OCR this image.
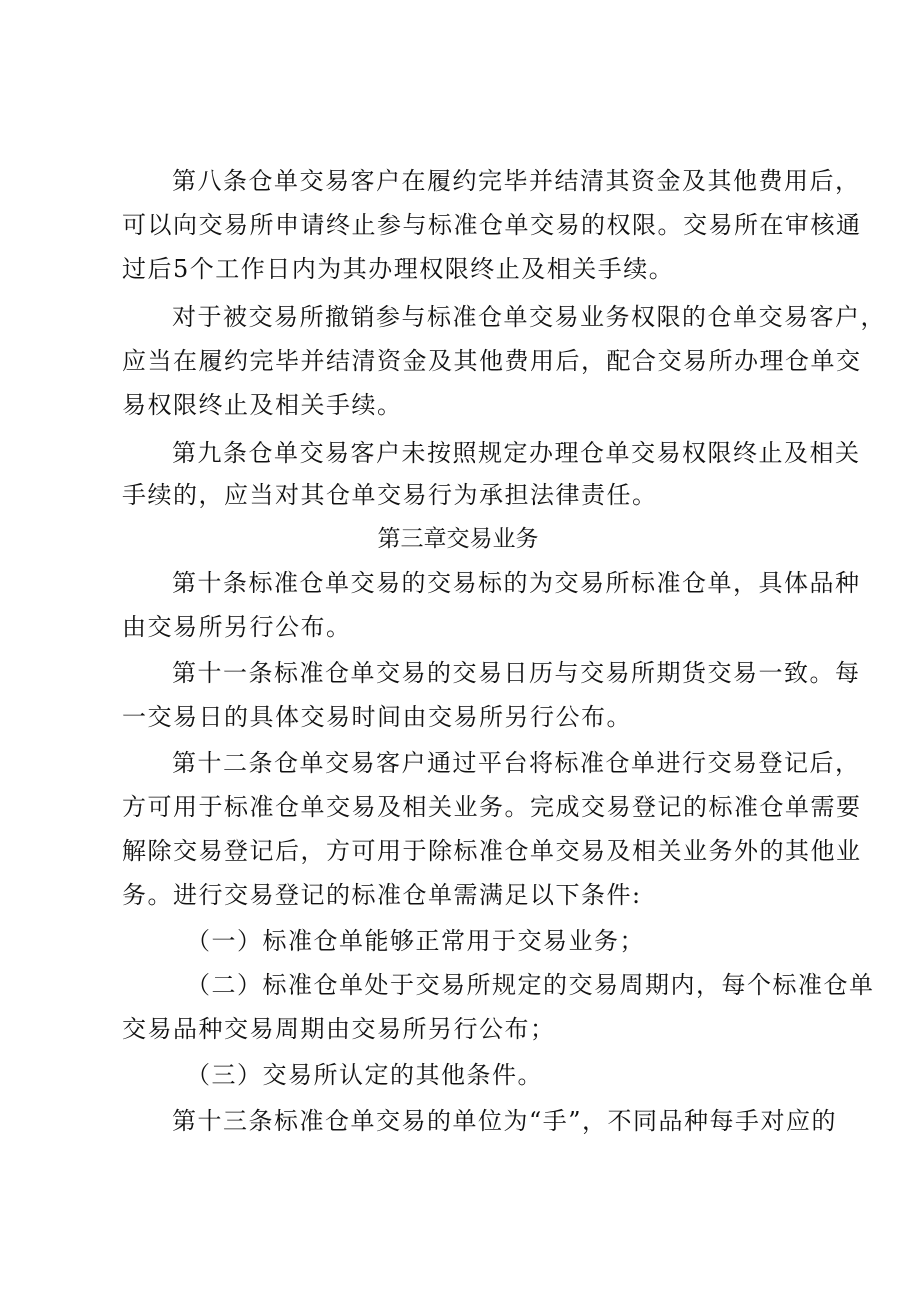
第八条仓单交易客户在履约完毕并结清其资金及其他费用后，
可以向交易所申请终止参与标准仓单交易的权限。交易所在审核通
过后5个工作日内为其办理权限终止及相关手续。
对于被交易所撤销参与标准仓单交易业务权限的仓单交易客户，
应当在履约完毕并结清资金及其他费用后，配合交易所办理仓单交
易权限终止及相关手续。
第九条仓单交易客户未按照规定办理仓单交易权限终止及相关
手续的，应当对其仓单交易行为承担法律责任。
第三章交易业务
第十条标准仓单交易的交易标的为交易所标准仓单，具体品种
由交易所另行公布。
第十一条标准仓单交易的交易日历与交易所期货交易一致。每
一交易日的具体交易时间由交易所另行公布。
第十二条仓单交易客户通过平台将标准仓单进行交易登记后，
方可用于标准仓单交易及相关业务。完成交易登记的标准仓单需要
解除交易登记后，方可用于除标准仓单交易及相关业务外的其他业
务。进行交易登记的标准仓单需满足以下条件:
（一）标准仓单能够正常用于交易业务；
（二）标准仓单处于交易所规定的交易周期内，每个标准仓单
交易品种交易周期由交易所另行公布；
（三）交易所认定的其他条件。
第十三条标准仓单交易的单位为“手”，不同品种每手对应的
